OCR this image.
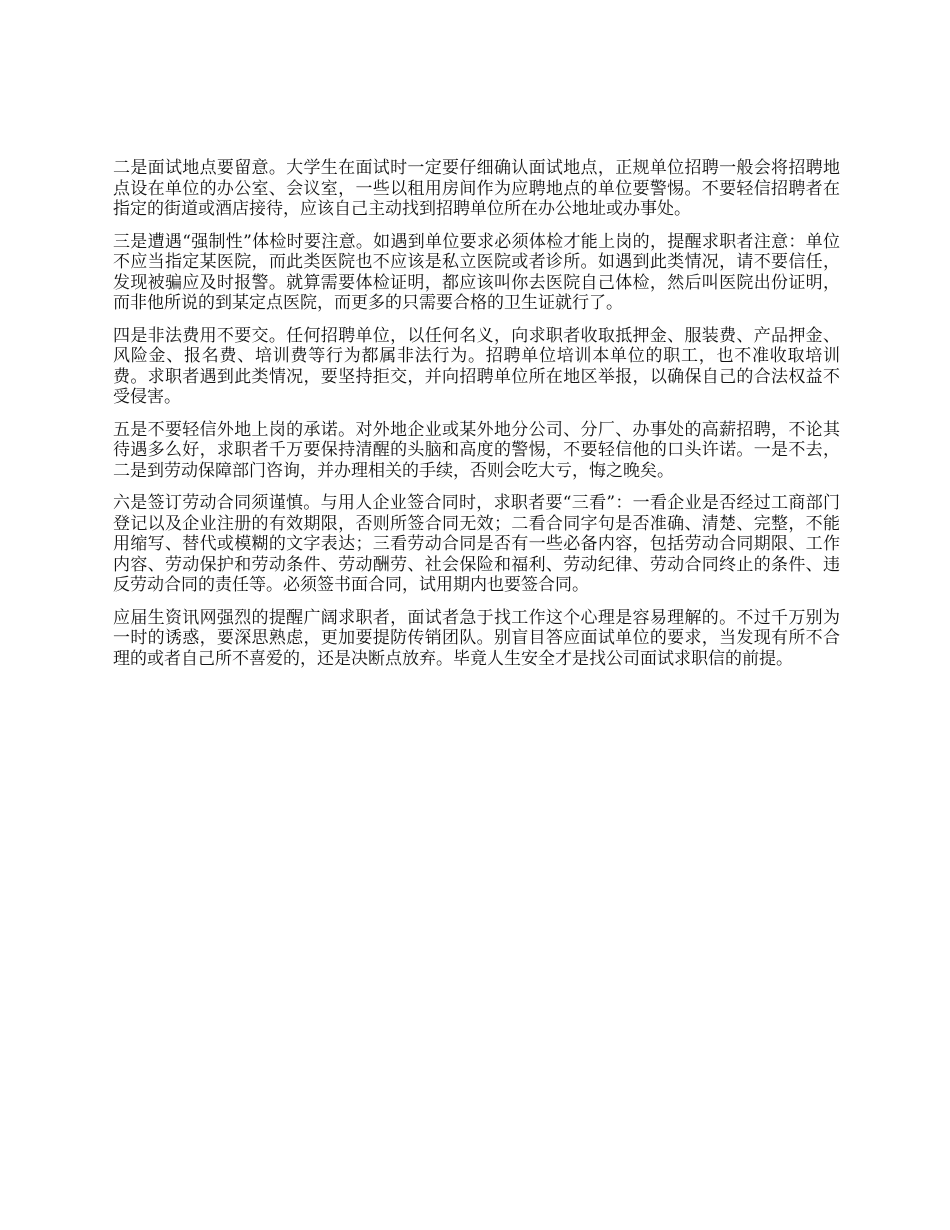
二是面试地点要留意。大学生在面试时一定要仔细确认面试地点，正规单位招聘一般会将招聘地点设在单位的办公室、会议室，一些以租用房间作为应聘地点的单位要警惕。不要轻信招聘者在指定的街道或酒店接待，应该自己主动找到招聘单位所在办公地址或办事处。

三是遭遇“强制性”体检时要注意。如遇到单位要求必须体检才能上岗的，提醒求职者注意：单位不应当指定某医院，而此类医院也不应该是私立医院或者诊所。如遇到此类情况，请不要信任，发现被骗应及时报警。就算需要体检证明，都应该叫你去医院自己体检，然后叫医院出份证明，而非他所说的到某定点医院，而更多的只需要合格的卫生证就行了。

四是非法费用不要交。任何招聘单位，以任何名义，向求职者收取抵押金、服装费、产品押金、风险金、报名费、培训费等行为都属非法行为。招聘单位培训本单位的职工，也不准收取培训费。求职者遇到此类情况，要坚持拒交，并向招聘单位所在地区举报，以确保自己的合法权益不受侵害。

五是不要轻信外地上岗的承诺。对外地企业或某外地分公司、分厂、办事处的高薪招聘，不论其待遇多么好，求职者千万要保持清醒的头脑和高度的警惕，不要轻信他的口头许诺。一是不去，二是到劳动保障部门咨询，并办理相关的手续，否则会吃大亏，悔之晚矣。

六是签订劳动合同须谨慎。与用人企业签合同时，求职者要“三看”：一看企业是否经过工商部门登记以及企业注册的有效期限，否则所签合同无效；二看合同字句是否准确、清楚、完整，不能用缩写、替代或模糊的文字表达；三看劳动合同是否有一些必备内容，包括劳动合同期限、工作内容、劳动保护和劳动条件、劳动酬劳、社会保险和福利、劳动纪律、劳动合同终止的条件、违反劳动合同的责任等。必须签书面合同，试用期内也要签合同。

应届生资讯网强烈的提醒广阔求职者，面试者急于找工作这个心理是容易理解的。不过千万别为一时的诱惑，要深思熟虑，更加要提防传销团队。别盲目答应面试单位的要求，当发现有所不合理的或者自己所不喜爱的，还是决断点放弃。毕竟人生安全才是找公司面试求职信的前提。
